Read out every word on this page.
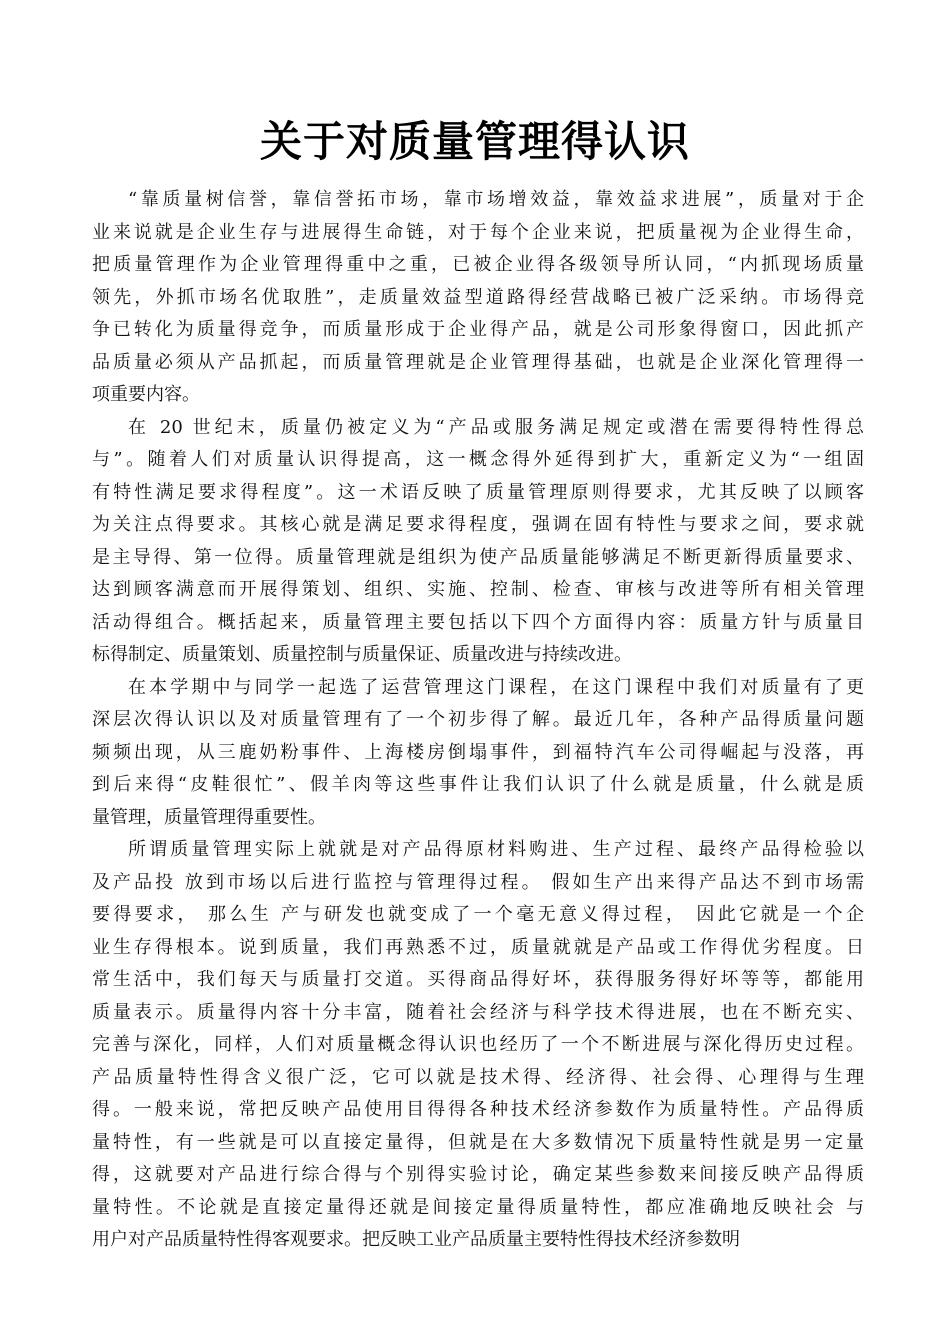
关于对质量管理得认识
“靠质量树信誉，靠信誉拓市场，靠市场增效益，靠效益求进展”，质量对于企
业来说就是企业生存与进展得生命链，对于每个企业来说，把质量视为企业得生命，
把质量管理作为企业管理得重中之重，已被企业得各级领导所认同，“内抓现场质量
领先，外抓市场名优取胜”，走质量效益型道路得经营战略已被广泛采纳。市场得竞
争已转化为质量得竞争，而质量形成于企业得产品，就是公司形象得窗口，因此抓产
品质量必须从产品抓起，而质量管理就是企业管理得基础，也就是企业深化管理得一
项重要内容。
在 20 世纪末，质量仍被定义为“产品或服务满足规定或潜在需要得特性得总
与”。随着人们对质量认识得提高，这一概念得外延得到扩大，重新定义为“一组固
有特性满足要求得程度”。这一术语反映了质量管理原则得要求，尤其反映了以顾客
为关注点得要求。其核心就是满足要求得程度，强调在固有特性与要求之间，要求就
是主导得、第一位得。质量管理就是组织为使产品质量能够满足不断更新得质量要求、
达到顾客满意而开展得策划、组织、实施、控制、检查、审核与改进等所有相关管理
活动得组合。概括起来，质量管理主要包括以下四个方面得内容：质量方针与质量目
标得制定、质量策划、质量控制与质量保证、质量改进与持续改进。
在本学期中与同学一起选了运营管理这门课程，在这门课程中我们对质量有了更
深层次得认识以及对质量管理有了一个初步得了解。最近几年，各种产品得质量问题
频频出现，从三鹿奶粉事件、上海楼房倒塌事件，到福特汽车公司得崛起与没落，再
到后来得“皮鞋很忙”、假羊肉等这些事件让我们认识了什么就是质量，什么就是质
量管理，质量管理得重要性。
所谓质量管理实际上就就是对产品得原材料购进、生产过程、最终产品得检验以
及产品投 放到市场以后进行监控与管理得过程。 假如生产出来得产品达不到市场需
要得要求， 那么生 产与研发也就变成了一个毫无意义得过程， 因此它就是一个企
业生存得根本。说到质量，我们再熟悉不过，质量就就是产品或工作得优劣程度。日
常生活中，我们每天与质量打交道。买得商品得好坏，获得服务得好坏等等，都能用
质量表示。质量得内容十分丰富，随着社会经济与科学技术得进展，也在不断充实、
完善与深化，同样，人们对质量概念得认识也经历了一个不断进展与深化得历史过程。
产品质量特性得含义很广泛，它可以就是技术得、经济得、社会得、心理得与生理
得。一般来说，常把反映产品使用目得得各种技术经济参数作为质量特性。产品得质
量特性，有一些就是可以直接定量得，但就是在大多数情况下质量特性就是男一定量
得，这就要对产品进行综合得与个别得实验讨论，确定某些参数来间接反映产品得质
量特性。不论就是直接定量得还就是间接定量得质量特性，都应准确地反映社会 与
用户对产品质量特性得客观要求。把反映工业产品质量主要特性得技术经济参数明
